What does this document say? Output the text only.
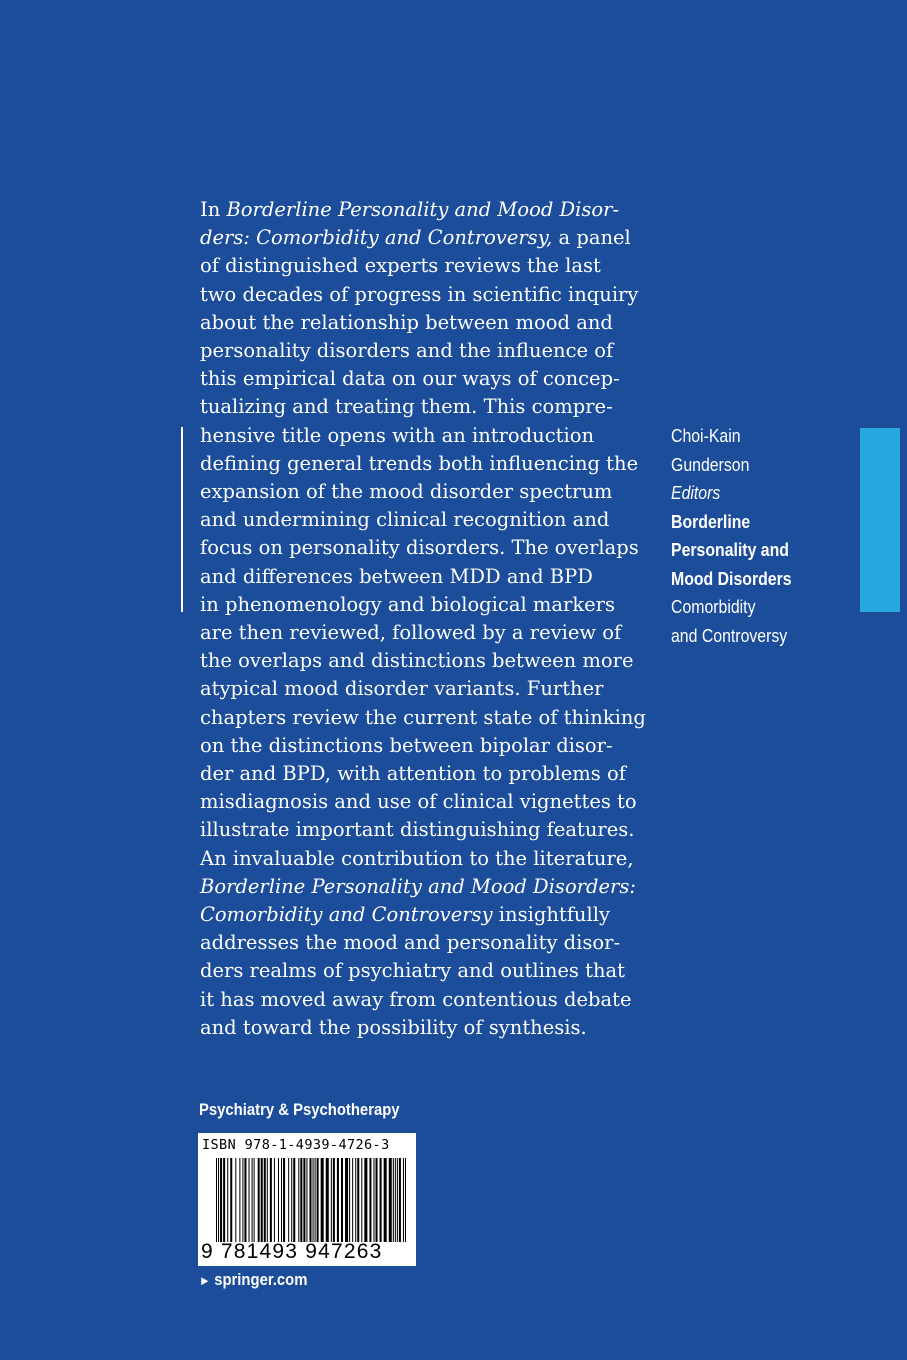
In Borderline Personality and Mood Disor-
ders: Comorbidity and Controversy, a panel
of distinguished experts reviews the last
two decades of progress in scientific inquiry
about the relationship between mood and
personality disorders and the influence of
this empirical data on our ways of concep-
tualizing and treating them. This compre-
hensive title opens with an introduction
defining general trends both influencing the
expansion of the mood disorder spectrum
and undermining clinical recognition and
focus on personality disorders. The overlaps
and differences between MDD and BPD
in phenomenology and biological markers
are then reviewed, followed by a review of
the overlaps and distinctions between more
atypical mood disorder variants. Further
chapters review the current state of thinking
on the distinctions between bipolar disor-
der and BPD, with attention to problems of
misdiagnosis and use of clinical vignettes to
illustrate important distinguishing features.
An invaluable contribution to the literature,
Borderline Personality and Mood Disorders:
Comorbidity and Controversy insightfully
addresses the mood and personality disor-
ders realms of psychiatry and outlines that
it has moved away from contentious debate
and toward the possibility of synthesis.
Choi-Kain
Gunderson
Editors
Borderline
Personality and
Mood Disorders
Comorbidity
and Controversy
Psychiatry & Psychotherapy
ISBN 978-1-4939-4726-3
9 781493 947263
► springer.com
